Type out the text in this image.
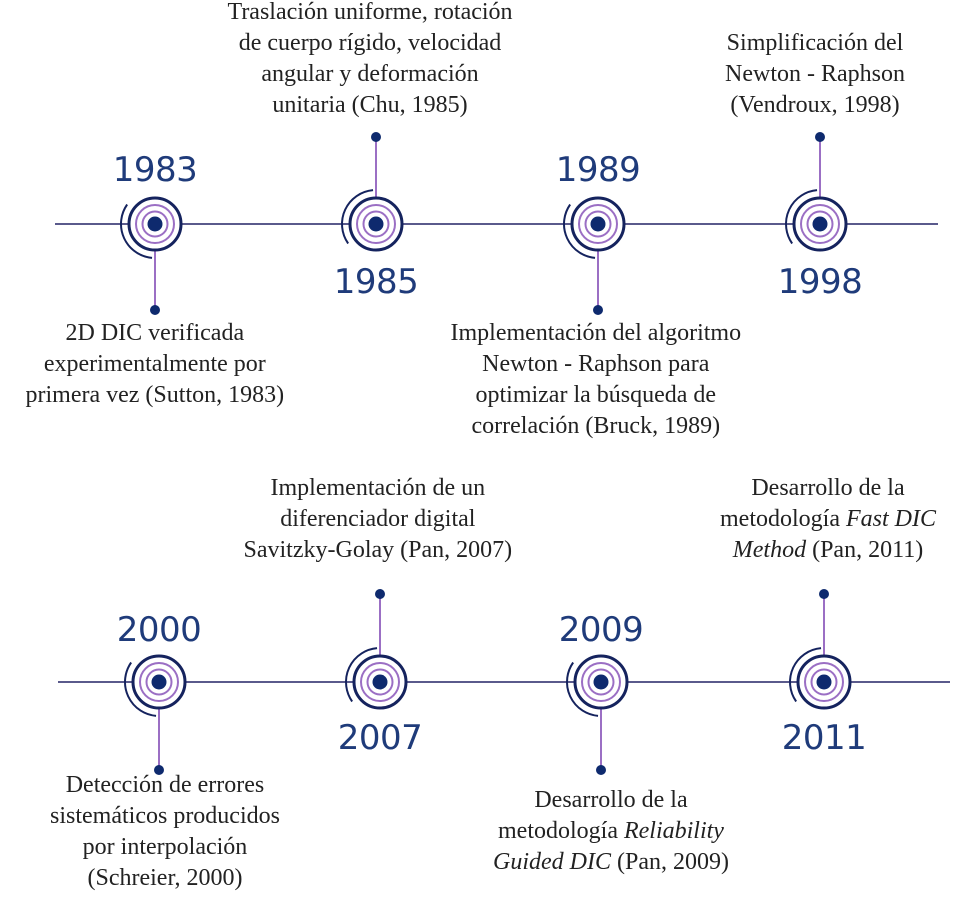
1983
2D DIC verificada
experimentalmente por
primera vez (Sutton, 1983)
1985
Traslación uniforme, rotación
de cuerpo rígido, velocidad
angular y deformación
unitaria (Chu, 1985)
1989
Implementación del algoritmo
Newton - Raphson para
optimizar la búsqueda de
correlación (Bruck, 1989)
1998
Simplificación del
Newton - Raphson
(Vendroux, 1998)
2000
Detección de errores
sistemáticos producidos
por interpolación
(Schreier, 2000)
2007
Implementación de un
diferenciador digital
Savitzky-Golay (Pan, 2007)
2009
Desarrollo de la
metodología Reliability
Guided DIC (Pan, 2009)
2011
Desarrollo de la
metodología Fast DIC
Method (Pan, 2011)
